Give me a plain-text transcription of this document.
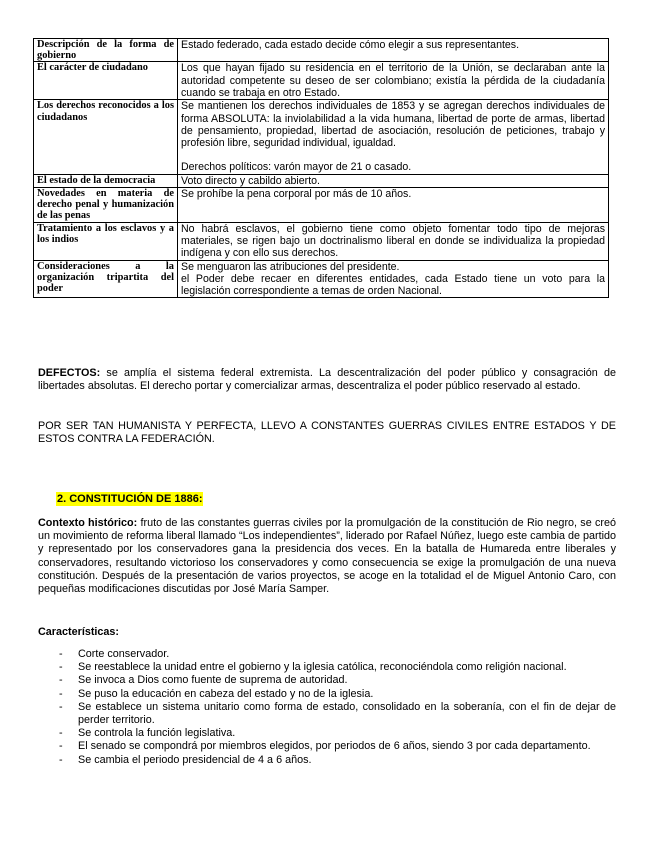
Descripción de la forma de gobierno	Estado federado, cada estado decide cómo elegir a sus representantes.

El carácter de ciudadano	Los que hayan fijado su residencia en el territorio de la Unión, se declaraban ante la autoridad competente su deseo de ser colombiano; existía la pérdida de la ciudadanía cuando se trabaja en otro Estado.

Los derechos reconocidos a los ciudadanos	Se mantienen los derechos individuales de 1853 y se agregan derechos individuales de forma ABSOLUTA: la inviolabilidad a la vida humana, libertad de porte de armas, libertad de pensamiento, propiedad, libertad de asociación, resolución de peticiones, trabajo y profesión libre, seguridad individual, igualdad.
Derechos políticos: varón mayor de 21 o casado.

El estado de la democracia	Voto directo y cabildo abierto.

Novedades en materia de derecho penal y humanización de las penas	Se prohíbe la pena corporal por más de 10 años.

Tratamiento a los esclavos y a los indios	No habrá esclavos, el gobierno tiene como objeto fomentar todo tipo de mejoras materiales, se rigen bajo un doctrinalismo liberal en donde se individualiza la propiedad indígena y con ello sus derechos.

Consideraciones a la organización tripartita del poder	Se menguaron las atribuciones del presidente.
el Poder debe recaer en diferentes entidades, cada Estado tiene un voto para la legislación correspondiente a temas de orden Nacional.

DEFECTOS: se amplía el sistema federal extremista. La descentralización del poder público y consagración de libertades absolutas. El derecho portar y comercializar armas, descentraliza el poder público reservado al estado.

POR SER TAN HUMANISTA Y PERFECTA, LLEVO A CONSTANTES GUERRAS CIVILES ENTRE ESTADOS Y DE ESTOS CONTRA LA FEDERACIÓN.

2. CONSTITUCIÓN DE 1886:

Contexto histórico: fruto de las constantes guerras civiles por la promulgación de la constitución de Rio negro, se creó un movimiento de reforma liberal llamado “Los independientes”, liderado por Rafael Núñez, luego este cambia de partido y representado por los conservadores gana la presidencia dos veces. En la batalla de Humareda entre liberales y conservadores, resultando victorioso los conservadores y como consecuencia se exige la promulgación de una nueva constitución. Después de la presentación de varios proyectos, se acoge en la totalidad el de Miguel Antonio Caro, con pequeñas modificaciones discutidas por José María Samper.

Características:

- Corte conservador.
- Se reestablece la unidad entre el gobierno y la iglesia católica, reconociéndola como religión nacional.
- Se invoca a Dios como fuente de suprema de autoridad.
- Se puso la educación en cabeza del estado y no de la iglesia.
- Se establece un sistema unitario como forma de estado, consolidado en la soberanía, con el fin de dejar de perder territorio.
- Se controla la función legislativa.
- El senado se compondrá por miembros elegidos, por periodos de 6 años, siendo 3 por cada departamento.
- Se cambia el periodo presidencial de 4 a 6 años.
